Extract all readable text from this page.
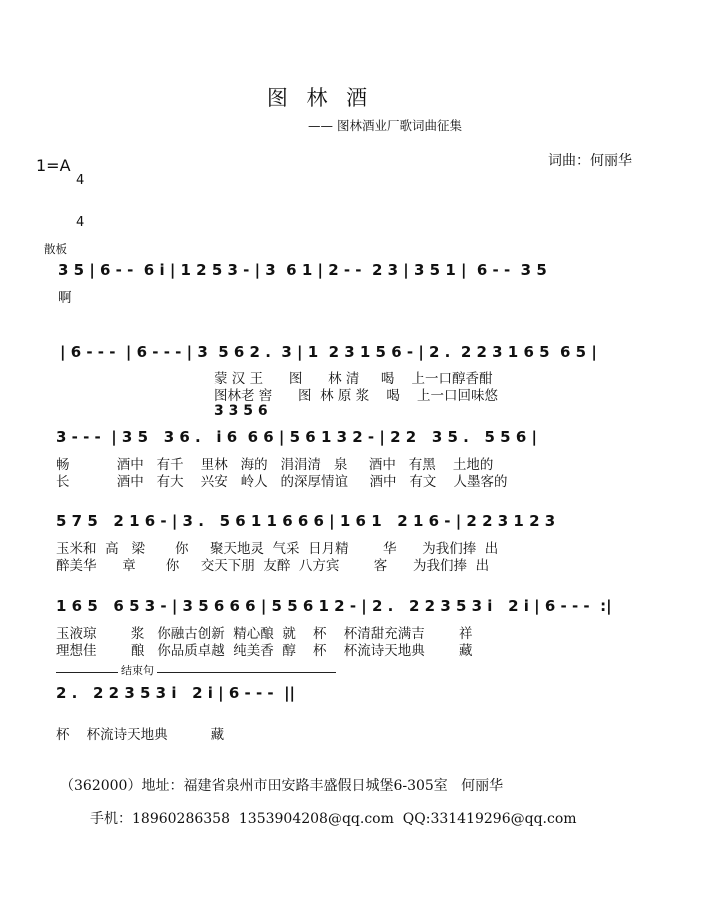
图 林 酒
—— 图林酒业厂歌词曲征集
1=A

4

4

词曲：何丽华
散板
3 5 | 6 - -  6 i | 1 2 5 3 - | 3  6 1 | 2 - -  2 3 | 3 5 1 |  6 - -  3 5
啊
| 6 - - -  | 6 - - - | 3  5 6 2 .  3 | 1  2 3 1 5 6 - | 2 .  2 2 3 1 6 5  6 5 |
蒙 汉 王      图      林 清     喝    上一口醇香酣
图林老 窖      图  林 原 浆    喝    上一口回味悠
3 3 5 6
3 - - -  | 3 5   3 6 .   i 6  6 6 | 5 6 1 3 2 - | 2 2   3 5 .   5 5 6 |
畅           酒中   有千    里林   海的   涓涓清   泉     酒中   有黑    土地的
长           酒中   有大    兴安   岭人   的深厚情谊     酒中   有文    人墨客的
5 7 5   2 1 6 - | 3 .   5 6 1 1 6 6 6 | 1 6 1   2 1 6 - | 2 2 3 1 2 3
玉米和  高   梁       你     聚天地灵  气采  日月精        华      为我们捧  出
醉美华      章       你     交天下朋  友醉  八方宾        客      为我们捧  出
1 6 5   6 5 3 - | 3 5 6 6 6 | 5 5 6 1 2 - | 2 .   2 2 3 5 3 i   2 i | 6 - - -  :|
玉液琼        浆   你融古创新  精心酿  就    杯    杯清甜充满吉        祥
理想佳        酿   你品质卓越  纯美香  醇    杯    杯流诗天地典        藏
结束句
2 .   2 2 3 5 3 i   2 i | 6 - - -  ||
杯    杯流诗天地典          藏
（362000）地址：福建省泉州市田安路丰盛假日城堡6-305室   何丽华
手机：18960286358  1353904208@qq.com  QQ:331419296@qq.com
